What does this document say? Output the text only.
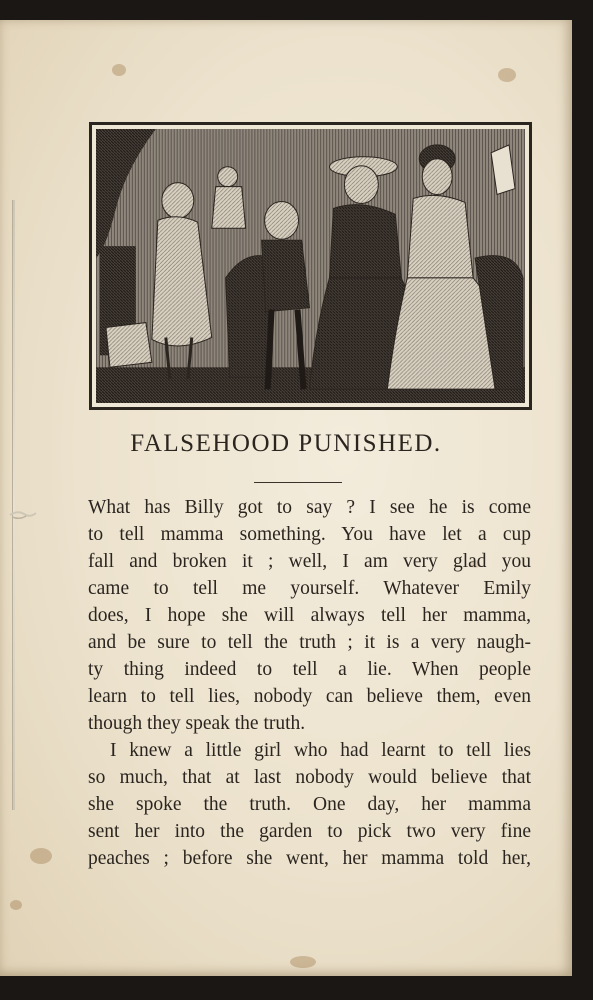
FALSEHOOD PUNISHED.

What has Billy got to say ? I see he is come

to tell mamma something. You have let a cup

fall and broken it ; well, I am very glad you

came to tell me yourself. Whatever Emily

does, I hope she will always tell her mamma,

and be sure to tell the truth ; it is a very naugh-

ty thing indeed to tell a lie. When people

learn to tell lies, nobody can believe them, even

though they speak the truth.

I knew a little girl who had learnt to tell lies

so much, that at last nobody would believe that

she spoke the truth. One day, her mamma

sent her into the garden to pick two very fine

peaches ; before she went, her mamma told her,
